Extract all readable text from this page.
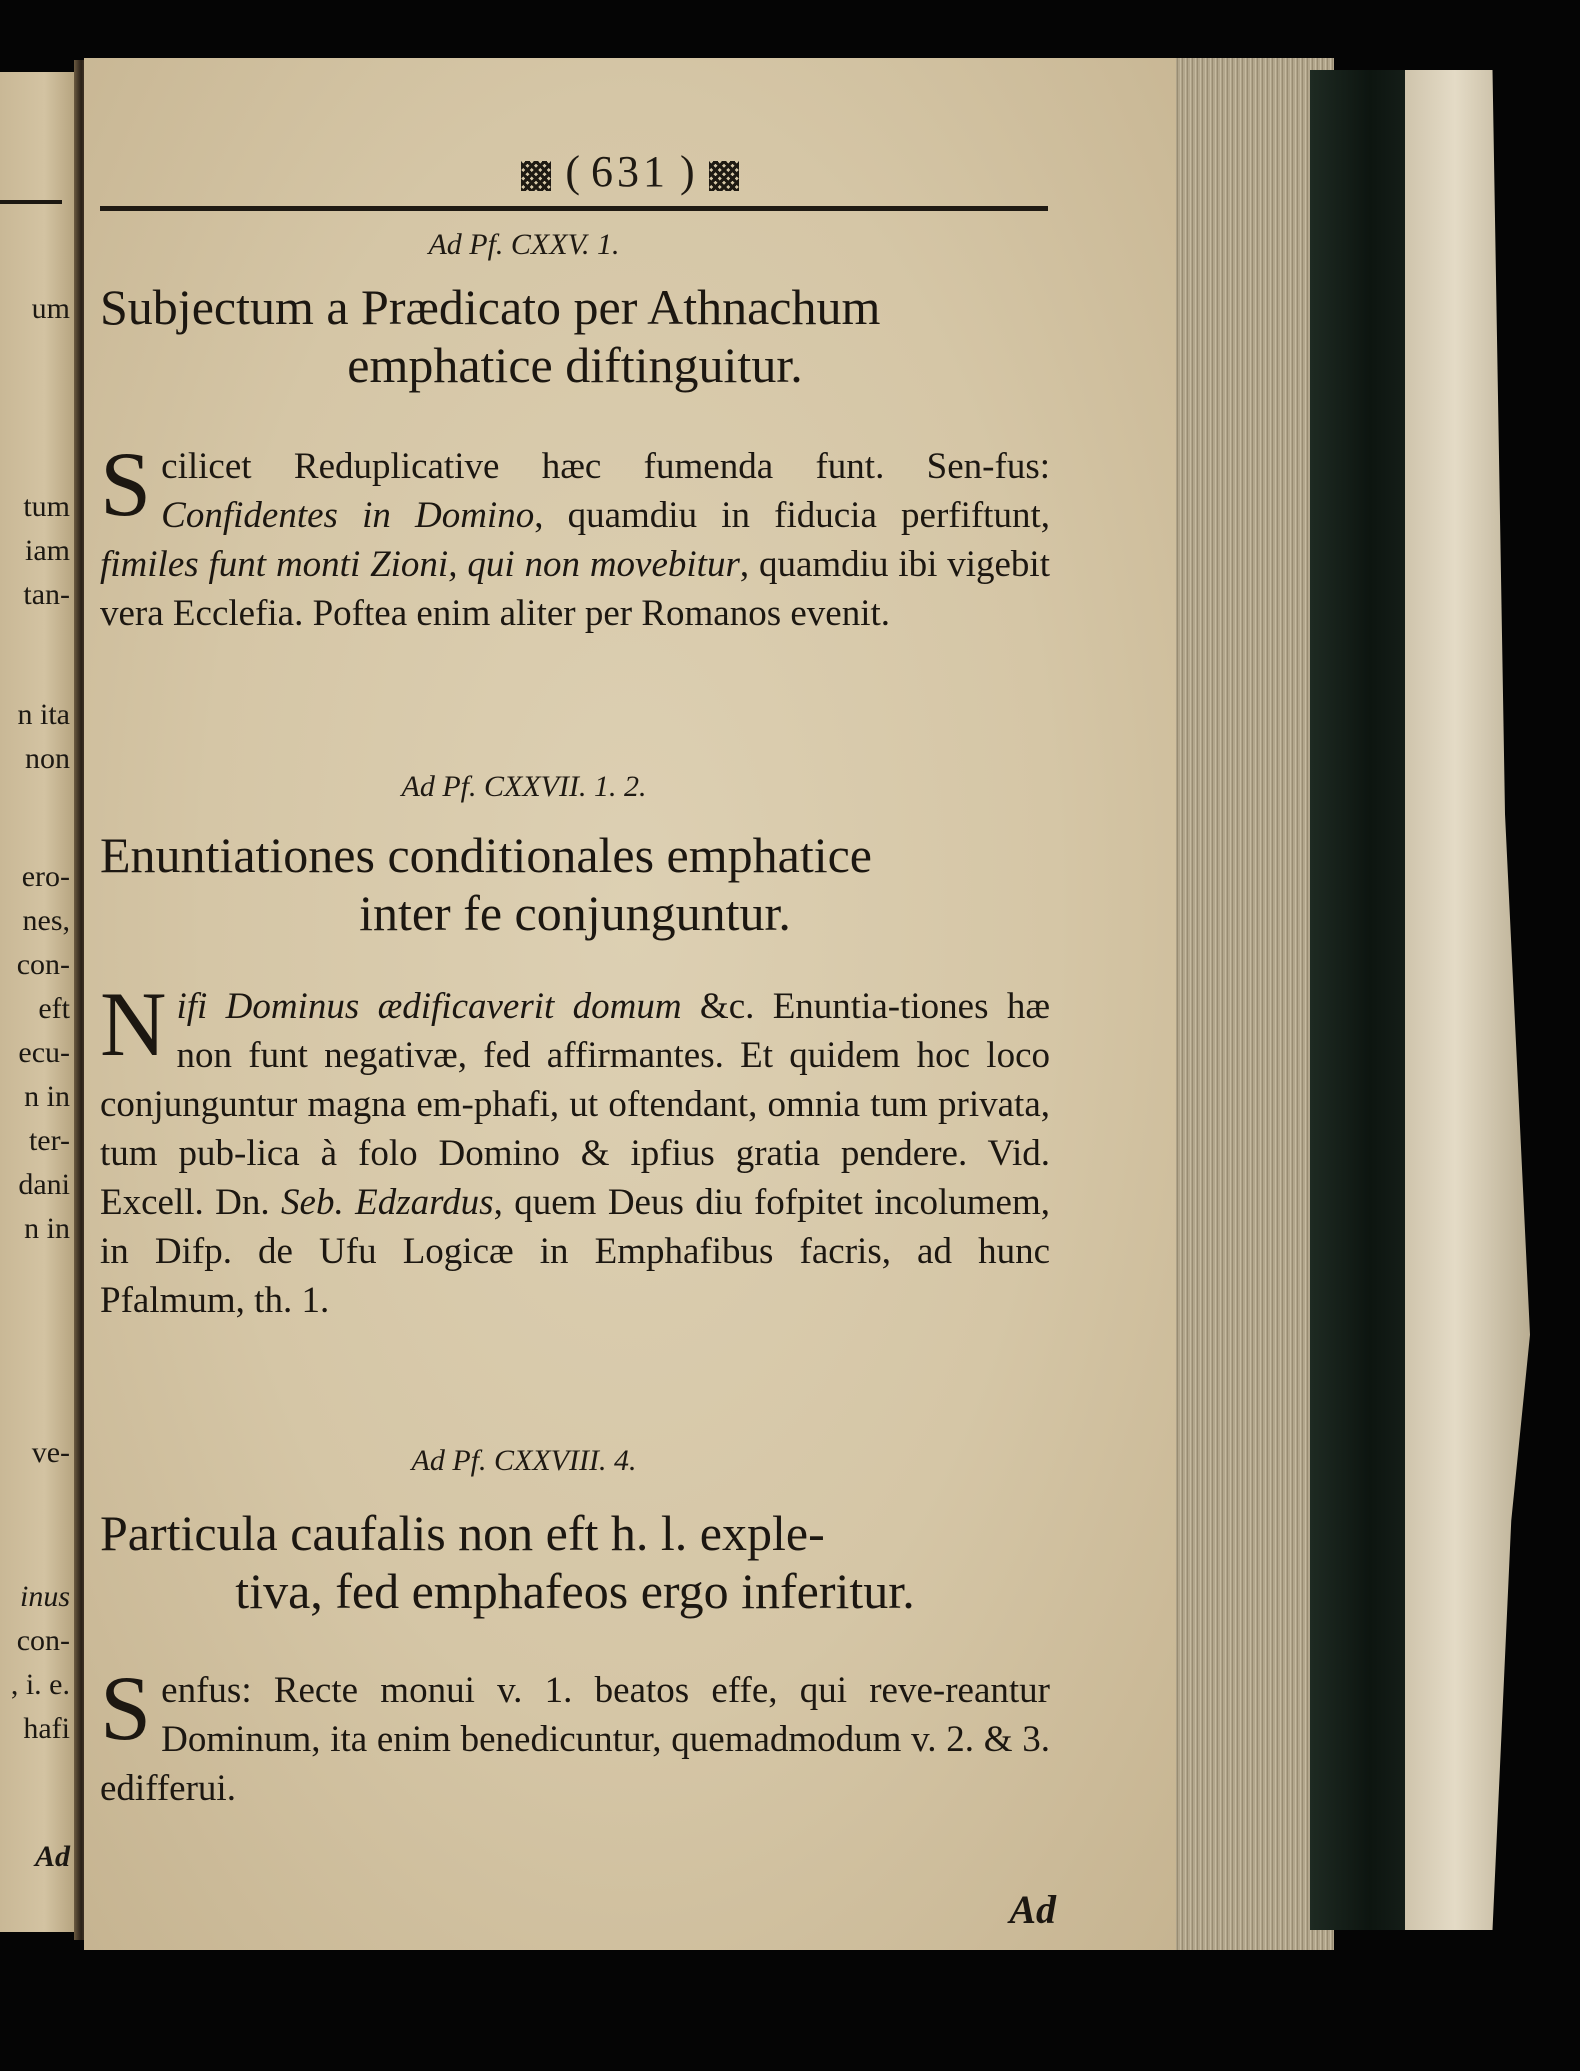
um
tum
iam
tan-
n ita
non
ero-
nes,
con-
eft
ecu-
n in
ter-
dani
n in
ve-
inus
con-
, i. e.
hafi
Ad
( 631 )
Ad Pf. CXXV. 1.
Subjectum a Prædicato per Athnachum
emphatice diftinguitur.
Scilicet Reduplicative hæc fumenda funt. Sen-fus: Confidentes in Domino, quamdiu in fiducia perfiftunt, fimiles funt monti Zioni, qui non movebitur, quamdiu ibi vigebit vera Ecclefia. Poftea enim aliter per Romanos evenit.
Ad Pf. CXXVII. 1. 2.
Enuntiationes conditionales emphatice
inter fe conjunguntur.
Nifi Dominus ædificaverit domum &c. Enuntia-tiones hæ non funt negativæ, fed affirmantes. Et quidem hoc loco conjunguntur magna em-phafi, ut oftendant, omnia tum privata, tum pub-lica à folo Domino & ipfius gratia pendere. Vid. Excell. Dn. Seb. Edzardus, quem Deus diu fofpitet incolumem, in Difp. de Ufu Logicæ in Emphafibus facris, ad hunc Pfalmum, th. 1.
Ad Pf. CXXVIII. 4.
Particula caufalis non eft h. l. exple-
tiva, fed emphafeos ergo inferitur.
Senfus: Recte monui v. 1. beatos effe, qui reve-reantur Dominum, ita enim benedicuntur, quemadmodum v. 2. & 3. edifferui.
Ad
